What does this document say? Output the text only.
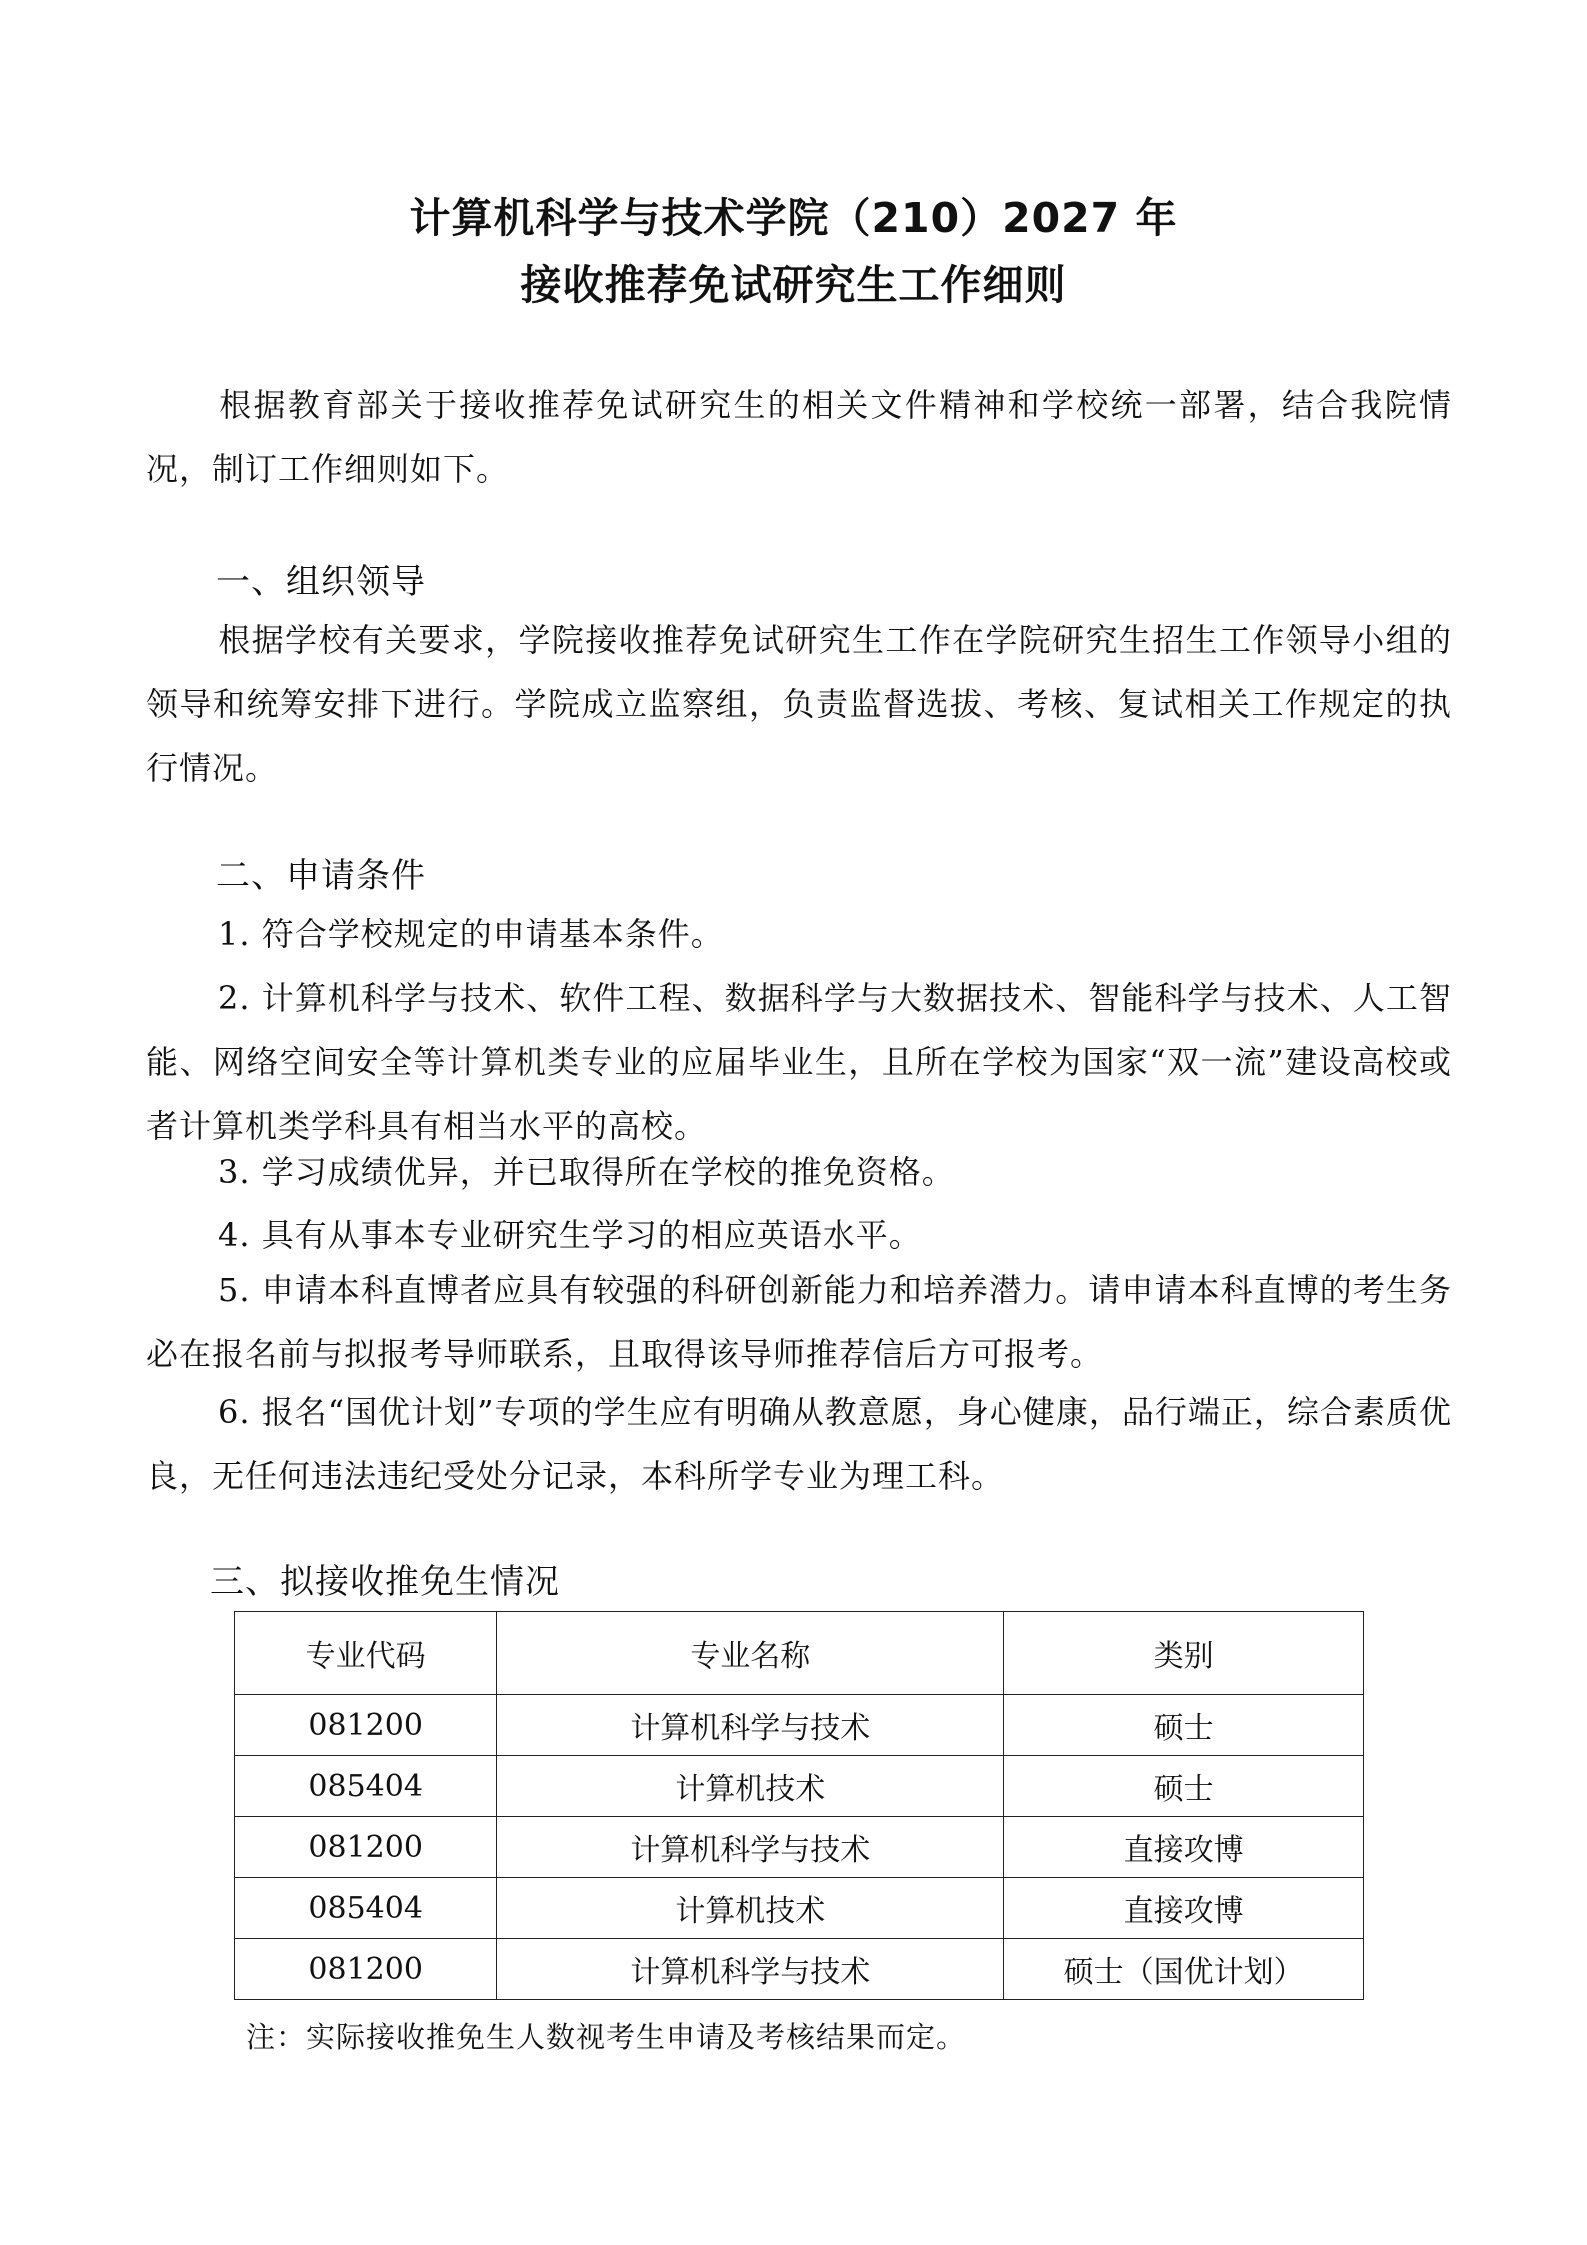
计算机科学与技术学院（210）2027 年
接收推荐免试研究生工作细则
根据教育部关于接收推荐免试研究生的相关文件精神和学校统一部署，结合我院情况，制订工作细则如下。
一、组织领导
根据学校有关要求，学院接收推荐免试研究生工作在学院研究生招生工作领导小组的领导和统筹安排下进行。学院成立监察组，负责监督选拔、考核、复试相关工作规定的执行情况。
二、申请条件
1. 符合学校规定的申请基本条件。
2. 计算机科学与技术、软件工程、数据科学与大数据技术、智能科学与技术、人工智能、网络空间安全等计算机类专业的应届毕业生，且所在学校为国家“双一流”建设高校或者计算机类学科具有相当水平的高校。
3. 学习成绩优异，并已取得所在学校的推免资格。
4. 具有从事本专业研究生学习的相应英语水平。
5. 申请本科直博者应具有较强的科研创新能力和培养潜力。请申请本科直博的考生务必在报名前与拟报考导师联系，且取得该导师推荐信后方可报考。
6. 报名“国优计划”专项的学生应有明确从教意愿，身心健康，品行端正，综合素质优良，无任何违法违纪受处分记录，本科所学专业为理工科。
三、拟接收推免生情况
专业代码	专业名称	类别
081200	计算机科学与技术	硕士
085404	计算机技术	硕士
081200	计算机科学与技术	直接攻博
085404	计算机技术	直接攻博
081200	计算机科学与技术	硕士（国优计划）
注：实际接收推免生人数视考生申请及考核结果而定。
